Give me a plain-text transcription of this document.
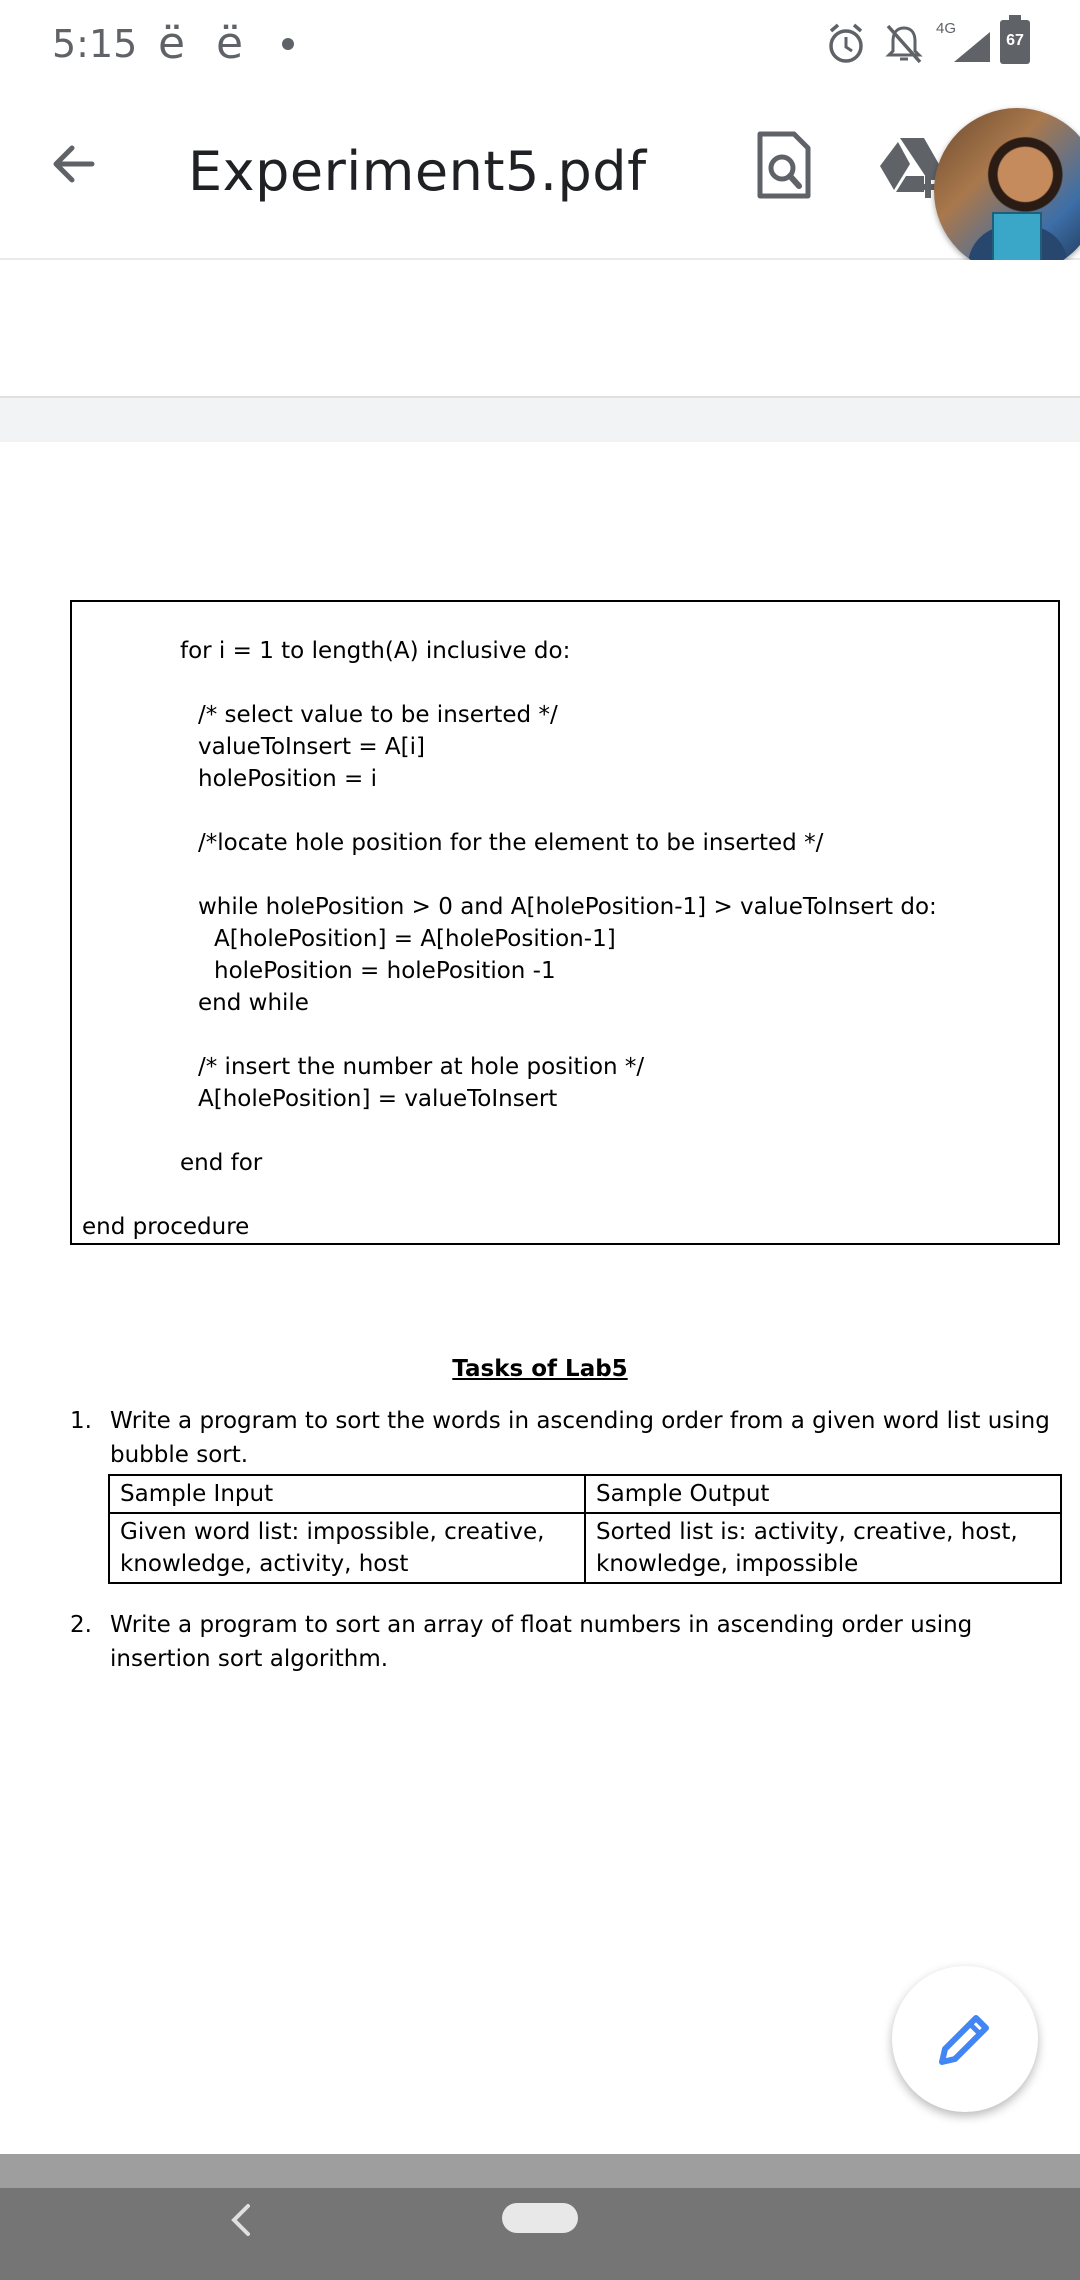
5:15 ё ё	4G
67
Experiment5.pdf
for i = 1 to length(A) inclusive do:
/* select value to be inserted */
valueToInsert = A[i]
holePosition = i
/*locate hole position for the element to be inserted */
while holePosition > 0 and A[holePosition-1] > valueToInsert do:
A[holePosition] = A[holePosition-1]
holePosition = holePosition -1
end while
/* insert the number at hole position */
A[holePosition] = valueToInsert
end for
end procedure
Tasks of Lab5
1. Write a program to sort the words in ascending order from a given word list using bubble sort.
Sample Input	Sample Output
Given word list: impossible, creative, knowledge, activity, host	Sorted list is: activity, creative, host, knowledge, impossible
2. Write a program to sort an array of float numbers in ascending order using insertion sort algorithm.
